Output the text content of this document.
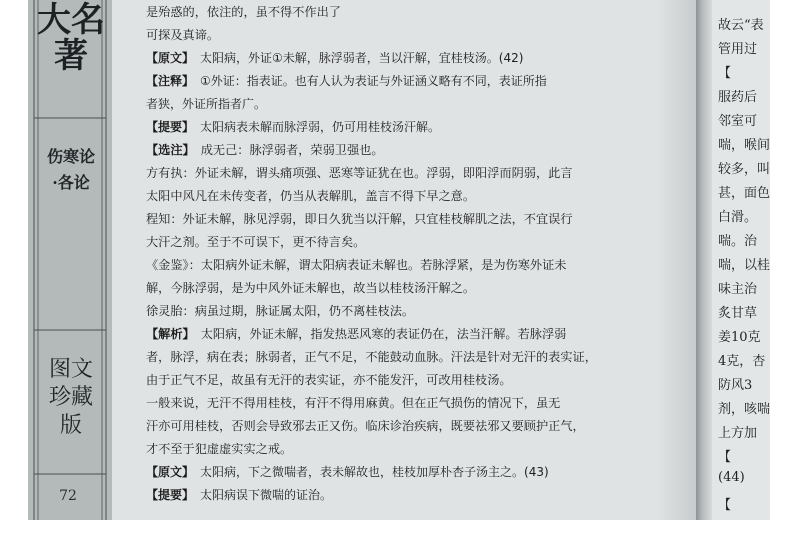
大名著
伤寒论·各论
图文珍藏版
72
是殆惑的，依注的，虽不得不作出了
可探及真谛。
【原文】 太阳病，外证①未解，脉浮弱者，当以汗解，宜桂枝汤。(42)
【注释】 ①外证：指表证。也有人认为表证与外证涵义略有不同，表证所指
者狭，外证所指者广。
【提要】 太阳病表未解而脉浮弱，仍可用桂枝汤汗解。
【选注】 成无己：脉浮弱者，荣弱卫强也。
方有执：外证未解，谓头痛项强、恶寒等证犹在也。浮弱，即阳浮而阴弱，此言
太阳中风凡在未传变者，仍当从表解肌，盖言不得下早之意。
程知：外证未解，脉见浮弱，即日久犹当以汗解，只宜桂枝解肌之法，不宜误行
大汗之剂。至于不可误下，更不待言矣。
《金鉴》：太阳病外证未解，谓太阳病表证未解也。若脉浮紧，是为伤寒外证未
解，今脉浮弱，是为中风外证未解也，故当以桂枝汤汗解之。
徐灵胎：病虽过期，脉证属太阳，仍不离桂枝法。
【解析】 太阳病，外证未解，指发热恶风寒的表证仍在，法当汗解。若脉浮弱
者，脉浮，病在表；脉弱者，正气不足，不能鼓动血脉。汗法是针对无汗的表实证，
由于正气不足，故虽有无汗的表实证，亦不能发汗，可改用桂枝汤。
一般来说，无汗不得用桂枝，有汗不得用麻黄。但在正气损伤的情况下，虽无
汗亦可用桂枝，否则会导致邪去正又伤。临床诊治疾病，既要祛邪又要顾护正气，
才不至于犯虚虚实实之戒。
【原文】 太阳病，下之微喘者，表未解故也，桂枝加厚朴杏子汤主之。(43)
【提要】 太阳病误下微喘的证治。
故云“表
管用过
【
服药后
邻室可
喘，喉间
较多，叫
甚，面色
白滑。
喘。治
喘，以桂
味主治
炙甘草
姜10克
4克，杏
防风3
剂，咳喘
上方加
【
(44)
【
